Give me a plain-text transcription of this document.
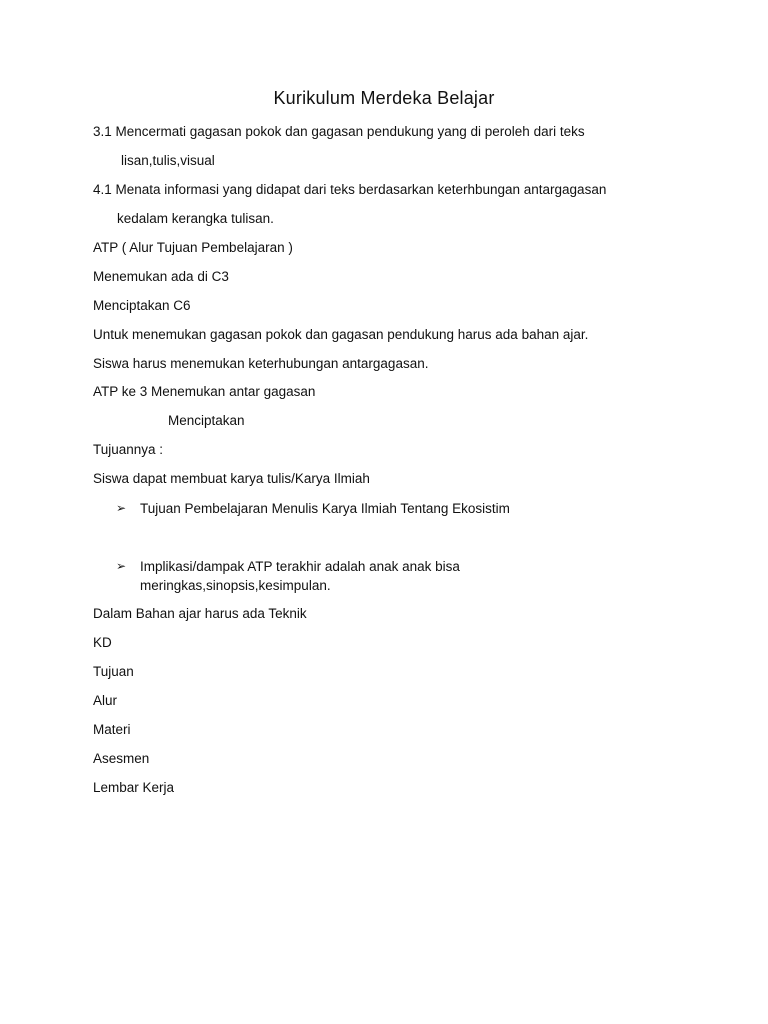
Kurikulum Merdeka Belajar
3.1 Mencermati gagasan pokok dan gagasan pendukung yang di peroleh dari teks
lisan,tulis,visual
4.1 Menata informasi yang didapat dari teks berdasarkan keterhbungan antargagasan
kedalam kerangka tulisan.
ATP ( Alur Tujuan Pembelajaran )
Menemukan ada di C3
Menciptakan C6
Untuk menemukan gagasan pokok dan gagasan pendukung harus ada bahan ajar.
Siswa harus menemukan keterhubungan antargagasan.
ATP ke 3 Menemukan antar gagasan
Menciptakan
Tujuannya :
Siswa dapat membuat karya tulis/Karya Ilmiah
➢ Tujuan Pembelajaran Menulis Karya Ilmiah Tentang Ekosistim
➢ Implikasi/dampak ATP terakhir adalah anak anak bisa meringkas,sinopsis,kesimpulan.
Dalam Bahan ajar harus ada Teknik
KD
Tujuan
Alur
Materi
Asesmen
Lembar Kerja
